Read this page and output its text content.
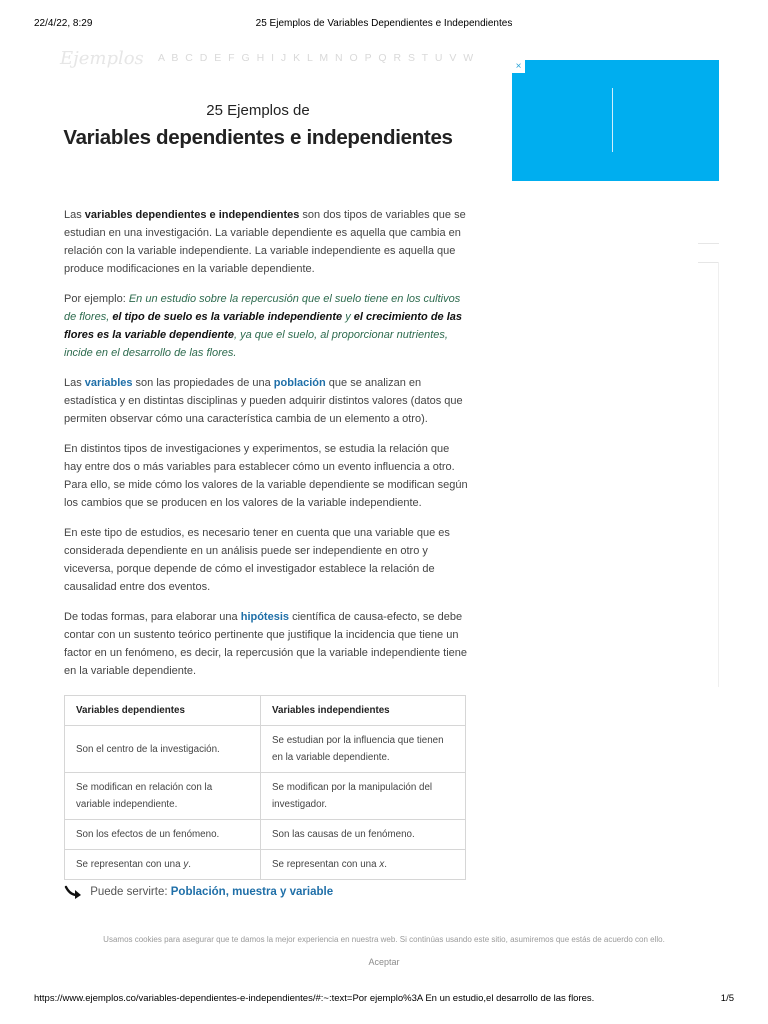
22/4/22, 8:29	25 Ejemplos de Variables Dependientes e Independientes
Ejemplos A B C D E F G H I J K L M N O P Q R S T U V W
×
25 Ejemplos de
Variables dependientes e independientes

Las variables dependientes e independientes son dos tipos de variables que se estudian en una investigación. La variable dependiente es aquella que cambia en relación con la variable independiente. La variable independiente es aquella que produce modificaciones en la variable dependiente.

Por ejemplo: En un estudio sobre la repercusión que el suelo tiene en los cultivos de flores, el tipo de suelo es la variable independiente y el crecimiento de las flores es la variable dependiente, ya que el suelo, al proporcionar nutrientes, incide en el desarrollo de las flores.

Las variables son las propiedades de una población que se analizan en estadística y en distintas disciplinas y pueden adquirir distintos valores (datos que permiten observar cómo una característica cambia de un elemento a otro).

En distintos tipos de investigaciones y experimentos, se estudia la relación que hay entre dos o más variables para establecer cómo un evento influencia a otro. Para ello, se mide cómo los valores de la variable dependiente se modifican según los cambios que se producen en los valores de la variable independiente.

En este tipo de estudios, es necesario tener en cuenta que una variable que es considerada dependiente en un análisis puede ser independiente en otro y viceversa, porque depende de cómo el investigador establece la relación de causalidad entre dos eventos.

De todas formas, para elaborar una hipótesis científica de causa-efecto, se debe contar con un sustento teórico pertinente que justifique la incidencia que tiene un factor en un fenómeno, es decir, la repercusión que la variable independiente tiene en la variable dependiente.

Variables dependientes	Variables independientes
Son el centro de la investigación.	Se estudian por la influencia que tienen en la variable dependiente.
Se modifican en relación con la variable independiente.	Se modifican por la manipulación del investigador.
Son los efectos de un fenómeno.	Son las causas de un fenómeno.
Se representan con una y.	Se representan con una x.
Puede servirte: Población, muestra y variable
Usamos cookies para asegurar que te damos la mejor experiencia en nuestra web. Si continúas usando este sitio, asumiremos que estás de acuerdo con ello.
Aceptar
https://www.ejemplos.co/variables-dependientes-e-independientes/#:~:text=Por ejemplo%3A En un estudio,el desarrollo de las flores.	1/5
